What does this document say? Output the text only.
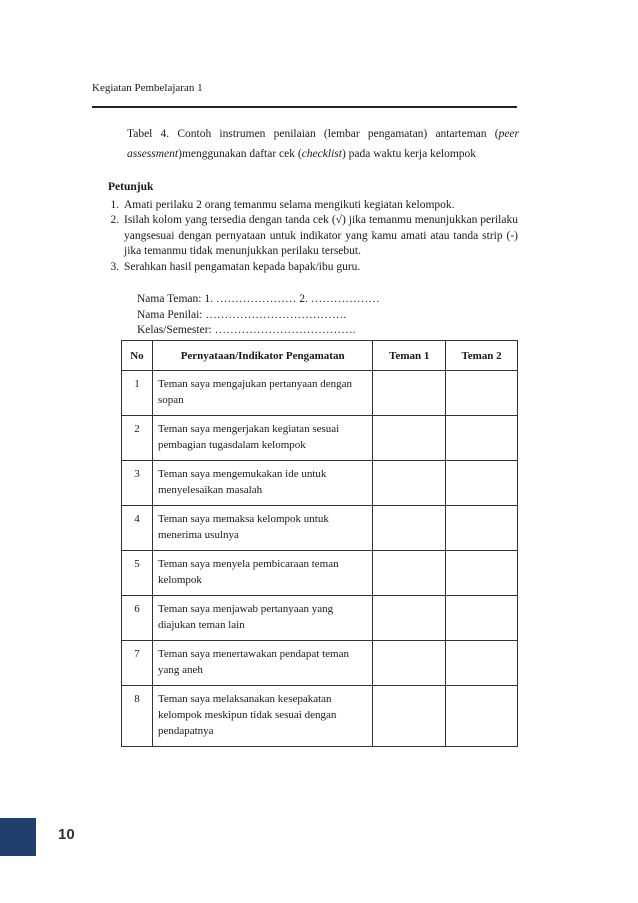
Kegiatan Pembelajaran 1
Tabel 4. Contoh instrumen penilaian (lembar pengamatan) antarteman (peer assessment)menggunakan daftar cek (checklist) pada waktu kerja kelompok
Petunjuk
1. Amati perilaku 2 orang temanmu selama mengikuti kegiatan kelompok.
2. Isilah kolom yang tersedia dengan tanda cek (√) jika temanmu menunjukkan perilaku yangsesuai dengan pernyataan untuk indikator yang kamu amati atau tanda strip (-) jika temanmu tidak menunjukkan perilaku tersebut.
3. Serahkan hasil pengamatan kepada bapak/ibu guru.
Nama Teman: 1. ………………… 2. ………………
Nama Penilai: ……………………………….
Kelas/Semester: ……………………………….
No	Pernyataan/Indikator Pengamatan	Teman 1	Teman 2
1	Teman saya mengajukan pertanyaan dengan sopan		
2	Teman saya mengerjakan kegiatan sesuai pembagian tugasdalam kelompok		
3	Teman saya mengemukakan ide untuk menyelesaikan masalah		
4	Teman saya memaksa kelompok untuk menerima usulnya		
5	Teman saya menyela pembicaraan teman kelompok		
6	Teman saya menjawab pertanyaan yang diajukan teman lain		
7	Teman saya menertawakan pendapat teman yang aneh		
8	Teman saya melaksanakan kesepakatan kelompok meskipun tidak sesuai dengan pendapatnya		
10
